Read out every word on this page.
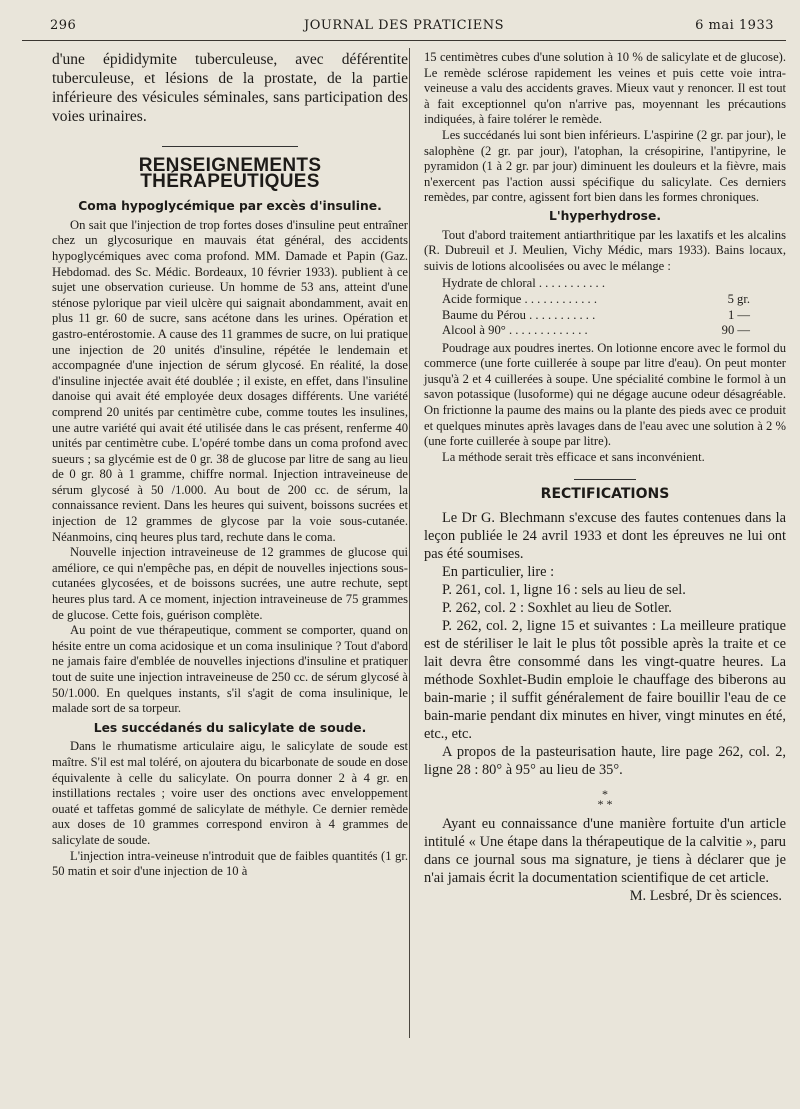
296	JOURNAL DES PRATICIENS	6 mai 1933

d'une épididymite tuberculeuse, avec déférentite tuberculeuse, et lésions de la prostate, de la partie inférieure des vésicules séminales, sans participation des voies urinaires.

RENSEIGNEMENTS THÉRAPEUTIQUES
Coma hypoglycémique par excès d'insuline.

On sait que l'injection de trop fortes doses d'insuline peut entraîner chez un glycosurique en mauvais état général, des accidents hypoglycémiques avec coma profond. MM. Damade et Papin (Gaz. Hebdomad. des Sc. Médic. Bordeaux, 10 février 1933). publient à ce sujet une observation curieuse. Un homme de 53 ans, atteint d'une sténose pylorique par vieil ulcère qui saignait abondamment, avait en plus 11 gr. 60 de sucre, sans acétone dans les urines. Opération et gastro-entérostomie. A cause des 11 grammes de sucre, on lui pratique une injection de 20 unités d'insuline, répétée le lendemain et accompagnée d'une injection de sérum glycosé. En réalité, la dose d'insuline injectée avait été doublée ; il existe, en effet, dans l'insuline danoise qui avait été employée deux dosages différents. Une variété comprend 20 unités par centimètre cube, comme toutes les insulines, une autre variété qui avait été utilisée dans le cas présent, renferme 40 unités par centimètre cube. L'opéré tombe dans un coma profond avec sueurs ; sa glycémie est de 0 gr. 38 de glucose par litre de sang au lieu de 0 gr. 80 à 1 gramme, chiffre normal. Injection intraveineuse de sérum glycosé à 50 /1.000. Au bout de 200 cc. de sérum, la connaissance revient. Dans les heures qui suivent, boissons sucrées et injection de 12 grammes de glycose par la voie sous-cutanée. Néanmoins, cinq heures plus tard, rechute dans le coma.

Nouvelle injection intraveineuse de 12 grammes de glucose qui améliore, ce qui n'empêche pas, en dépit de nouvelles injections sous-cutanées glycosées, et de boissons sucrées, une autre rechute, sept heures plus tard. A ce moment, injection intraveineuse de 75 grammes de glucose. Cette fois, guérison complète.

Au point de vue thérapeutique, comment se comporter, quand on hésite entre un coma acidosique et un coma insulinique ? Tout d'abord ne jamais faire d'emblée de nouvelles injections d'insuline et pratiquer tout de suite une injection intraveineuse de 250 cc. de sérum glycosé à 50/1.000. En quelques instants, s'il s'agit de coma insulinique, le malade sort de sa torpeur.

Les succédanés du salicylate de soude.

Dans le rhumatisme articulaire aigu, le salicylate de soude est maître. S'il est mal toléré, on ajoutera du bicarbonate de soude en dose équivalente à celle du salicylate. On pourra donner 2 à 4 gr. en instillations rectales ; voire user des onctions avec enveloppement ouaté et taffetas gommé de salicylate de méthyle. Ce dernier remède aux doses de 10 grammes correspond environ à 4 grammes de salicylate de soude.

L'injection intra-veineuse n'introduit que de faibles quantités (1 gr. 50 matin et soir d'une injection de 10 à

15 centimètres cubes d'une solution à 10 % de salicylate et de glucose). Le remède sclérose rapidement les veines et puis cette voie intra-veineuse a valu des accidents graves. Mieux vaut y renoncer. Il est tout à fait exceptionnel qu'on n'arrive pas, moyennant les précautions indiquées, à faire tolérer le remède.

Les succédanés lui sont bien inférieurs. L'aspirine (2 gr. par jour), le salophène (2 gr. par jour), l'atophan, la crésopirine, l'antipyrine, le pyramidon (1 à 2 gr. par jour) diminuent les douleurs et la fièvre, mais n'exercent pas l'action aussi spécifique du salicylate. Ces derniers remèdes, par contre, agissent fort bien dans les formes chroniques.

L'hyperhydrose.

Tout d'abord traitement antiarthritique par les laxatifs et les alcalins (R. Dubreuil et J. Meulien, Vichy Médic, mars 1933). Bains locaux, suivis de lotions alcoolisées ou avec le mélange :

Hydrate de chloral . . . . . . . . . . .
Acide formique . . . . . . . . . . . .	5 gr.
Baume du Pérou . . . . . . . . . . .	1 —
Alcool à 90° . . . . . . . . . . . . .	90 —

Poudrage aux poudres inertes. On lotionne encore avec le formol du commerce (une forte cuillerée à soupe par litre d'eau). On peut monter jusqu'à 2 et 4 cuillerées à soupe. Une spécialité combine le formol à un savon potassique (lusoforme) qui ne dégage aucune odeur désagréable. On frictionne la paume des mains ou la plante des pieds avec ce produit et quelques minutes après lavages dans de l'eau avec une solution à 2 % (une forte cuillerée à soupe par litre).

La méthode serait très efficace et sans inconvénient.

RECTIFICATIONS

Le Dr G. Blechmann s'excuse des fautes contenues dans la leçon publiée le 24 avril 1933 et dont les épreuves ne lui ont pas été soumises.

En particulier, lire :

P. 261, col. 1, ligne 16 : sels au lieu de sel.

P. 262, col. 2 : Soxhlet au lieu de Sotler.

P. 262, col. 2, ligne 15 et suivantes : La meilleure pratique est de stériliser le lait le plus tôt possible après la traite et ce lait devra être consommé dans les vingt-quatre heures. La méthode Soxhlet-Budin emploie le chauffage des biberons au bain-marie ; il suffit généralement de faire bouillir l'eau de ce bain-marie pendant dix minutes en hiver, vingt minutes en été, etc., etc.

A propos de la pasteurisation haute, lire page 262, col. 2, ligne 28 : 80° à 95° au lieu de 35°.

*
* *

Ayant eu connaissance d'une manière fortuite d'un article intitulé « Une étape dans la thérapeutique de la calvitie », paru dans ce journal sous ma signature, je tiens à déclarer que je n'ai jamais écrit la documentation scientifique de cet article.

M. Lesbré, Dr ès sciences.
